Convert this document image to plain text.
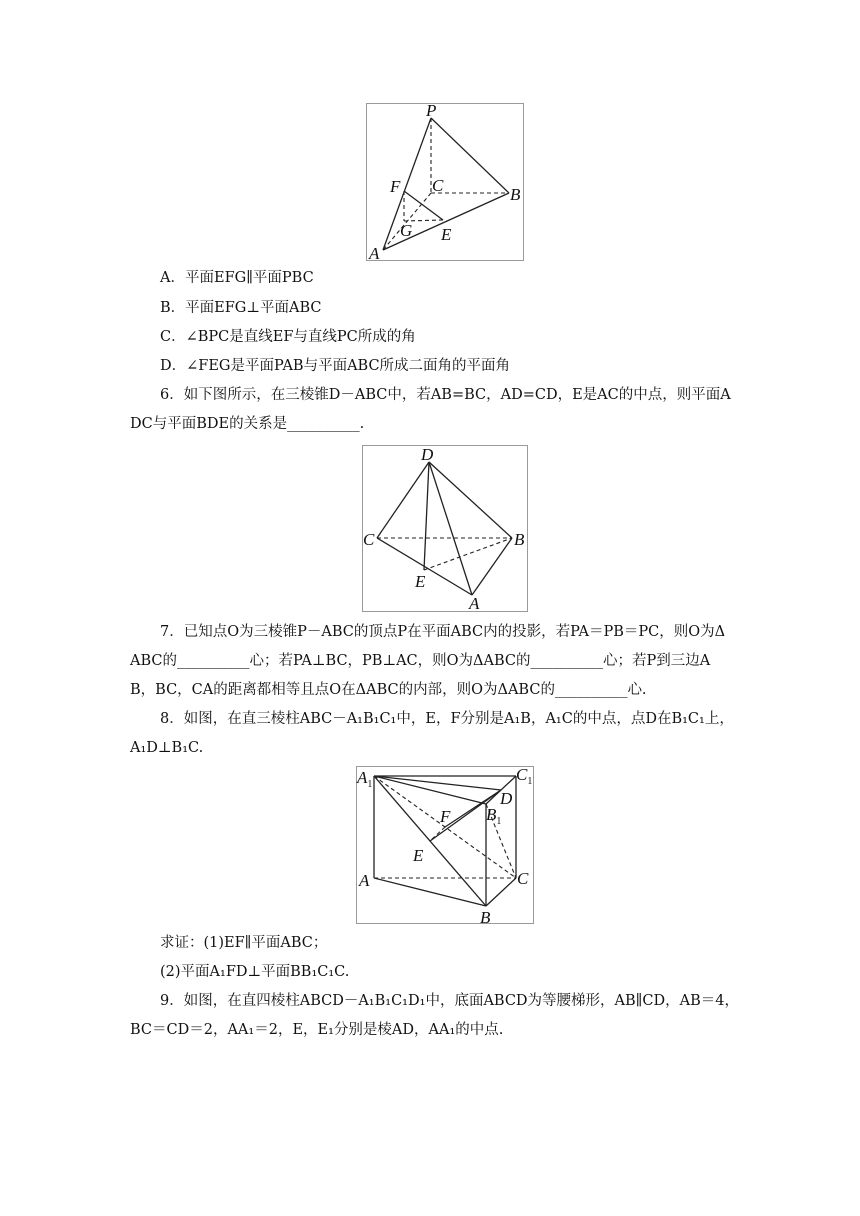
P
F C	B
G E
A
A．平面EFG∥平面PBC
B．平面EFG⊥平面ABC
C．∠BPC是直线EF与直线PC所成的角
D．∠FEG是平面PAB与平面ABC所成二面角的平面角
6．如下图所示，在三棱锥D－ABC中，若AB=BC，AD=CD，E是AC的中点，则平面A
DC与平面BDE的关系是__________.
D
C	B
E
A
7．已知点O为三棱锥P－ABC的顶点P在平面ABC内的投影，若PA＝PB＝PC，则O为Δ
ABC的__________心；若PA⊥BC，PB⊥AC，则O为ΔABC的__________心；若P到三边A
B，BC，CA的距离都相等且点O在ΔABC的内部，则O为ΔABC的__________心.
8．如图，在直三棱柱ABC－A₁B₁C₁中，E，F分别是A₁B，A₁C的中点，点D在B₁C₁上，
A₁D⊥B₁C.
$A_1$
$C_1$
D
F $B_1$
E
A	C
B
求证：(1)EF∥平面ABC；
(2)平面A₁FD⊥平面BB₁C₁C.
9．如图，在直四棱柱ABCD－A₁B₁C₁D₁中，底面ABCD为等腰梯形，AB∥CD，AB＝4，
BC＝CD＝2，AA₁＝2，E，E₁分别是棱AD，AA₁的中点.
